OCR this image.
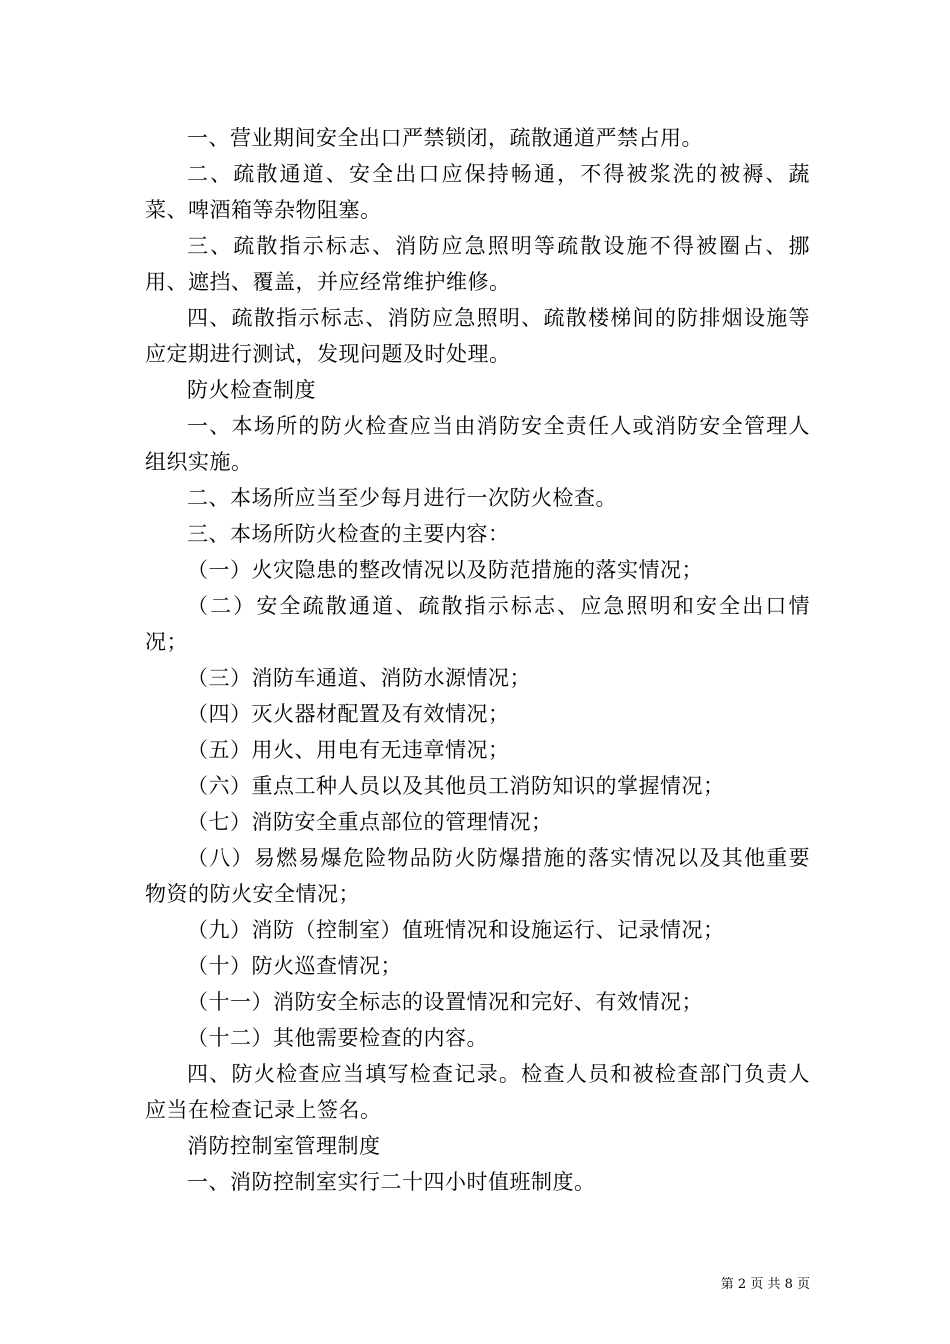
一、营业期间安全出口严禁锁闭，疏散通道严禁占用。

二、疏散通道、安全出口应保持畅通，不得被浆洗的被褥、蔬菜、啤酒箱等杂物阻塞。

三、疏散指示标志、消防应急照明等疏散设施不得被圈占、挪用、遮挡、覆盖，并应经常维护维修。

四、疏散指示标志、消防应急照明、疏散楼梯间的防排烟设施等应定期进行测试，发现问题及时处理。

防火检查制度

一、本场所的防火检查应当由消防安全责任人或消防安全管理人组织实施。

二、本场所应当至少每月进行一次防火检查。

三、本场所防火检查的主要内容：

（一）火灾隐患的整改情况以及防范措施的落实情况；

（二）安全疏散通道、疏散指示标志、应急照明和安全出口情况；

（三）消防车通道、消防水源情况；

（四）灭火器材配置及有效情况；

（五）用火、用电有无违章情况；

（六）重点工种人员以及其他员工消防知识的掌握情况；

（七）消防安全重点部位的管理情况；

（八）易燃易爆危险物品防火防爆措施的落实情况以及其他重要物资的防火安全情况；

（九）消防（控制室）值班情况和设施运行、记录情况；

（十）防火巡查情况；

（十一）消防安全标志的设置情况和完好、有效情况；

（十二）其他需要检查的内容。

四、防火检查应当填写检查记录。检查人员和被检查部门负责人应当在检查记录上签名。

消防控制室管理制度

一、消防控制室实行二十四小时值班制度。

第 2 页 共 8 页
